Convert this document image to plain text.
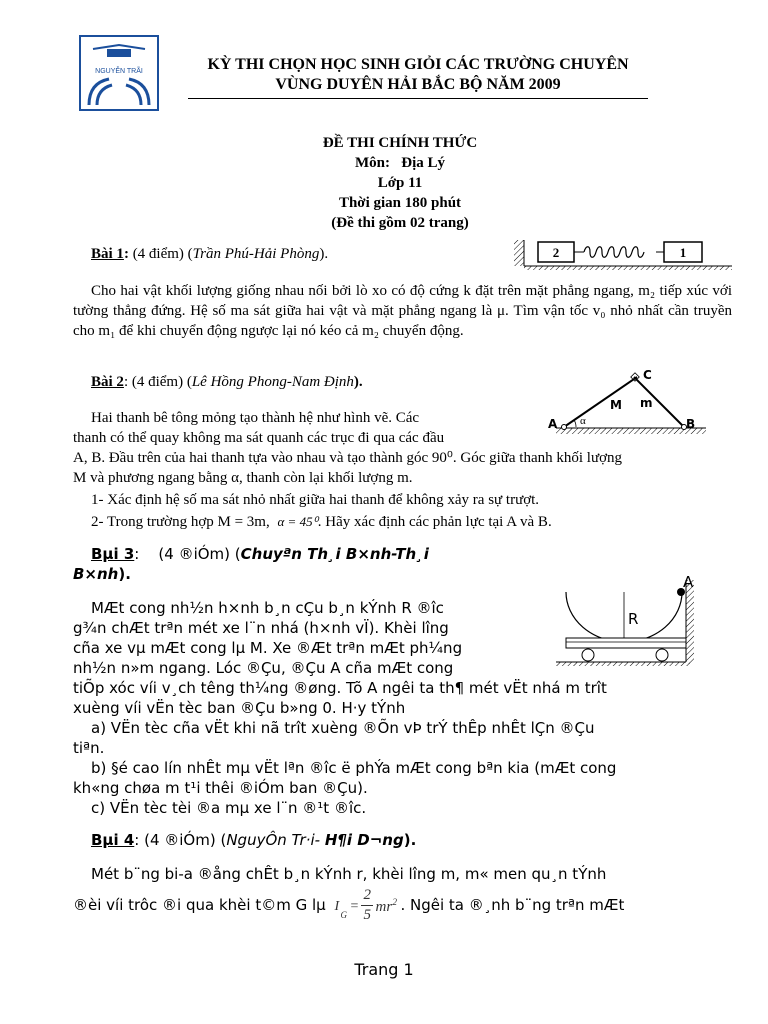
NGUYỄN TRÃI	KỲ THI CHỌN HỌC SINH GIỎI CÁC TRƯỜNG CHUYÊN
VÙNG DUYÊN HẢI BẮC BỘ NĂM 2009
ĐỀ THI CHÍNH THỨC
Môn:   Địa Lý
Lớp 11
Thời gian 180 phút
(Đề thi gồm 02 trang)
Bài 1: (4 điểm) (Trần Phú-Hải Phòng).	2	1
Cho hai vật khối lượng giống nhau nối bởi lò xo có độ cứng k đặt trên mặt phẳng ngang, m₂ tiếp xúc với tường thẳng đứng. Hệ số ma sát giữa hai vật và mặt phẳng ngang là μ. Tìm vận tốc v₀ nhỏ nhất cần truyền cho m₁ để khi chuyển động ngược lại nó kéo cả m₂ chuyển động.
Bài 2: (4 điểm) (Lê Hồng Phong-Nam Định).
A	B
C
M m
α
Hai thanh bê tông mỏng tạo thành hệ như hình vẽ. Các
thanh có thể quay không ma sát quanh các trục đi qua các đầu
A, B. Đầu trên của hai thanh tựa vào nhau và tạo thành góc 90⁰. Góc giữa thanh khối lượng
M và phương ngang bằng α, thanh còn lại khối lượng m.
1- Xác định hệ số ma sát nhỏ nhất giữa hai thanh để không xảy ra sự trượt.
2- Trong trường hợp M = 3m, α = 45⁰. Hãy xác định các phản lực tại A và B.
Bµi 3:    (4 ®iÓm) (Chuyªn Th¸i B×nh-Th¸i
B×nh).	A
R
MÆt cong nh½n h×nh b¸n cÇu b¸n kÝnh R ®îc
g¾n chÆt trªn mét xe l¨n nhá (h×nh vÏ). Khèi lîng
cña xe vµ mÆt cong lµ M. Xe ®Æt trªn mÆt ph¼ng
nh½n n»m ngang. Lóc ®Çu, ®Çu A cña mÆt cong
tiÕp xóc víi v¸ch têng th¼ng ®øng. Tõ A ngêi ta th¶ mét vËt nhá m trît
xuèng víi vËn tèc ban ®Çu b»ng 0. H·y tÝnh
a) VËn tèc cña vËt khi nã trît xuèng ®Õn vÞ trÝ thÊp nhÊt lÇn ®Çu
tiªn.
b) §é cao lín nhÊt mµ vËt lªn ®îc ë phÝa mÆt cong bªn kia (mÆt cong
kh«ng chøa m t¹i thêi ®iÓm ban ®Çu).
c) VËn tèc tèi ®a mµ xe l¨n ®¹t ®îc.
Bµi 4: (4 ®iÓm) (NguyÔn Tr·i- H¶i D¬ng).
Mét b¨ng bi-a ®ång chÊt b¸n kÝnh r, khèi lîng m, m« men qu¸n tÝnh
®èi víi trôc ®i qua khèi t©m G lµ I
G
=
2
5 mr 2 . Ngêi ta ®¸nh b¨ng trªn mÆt
Trang 1
